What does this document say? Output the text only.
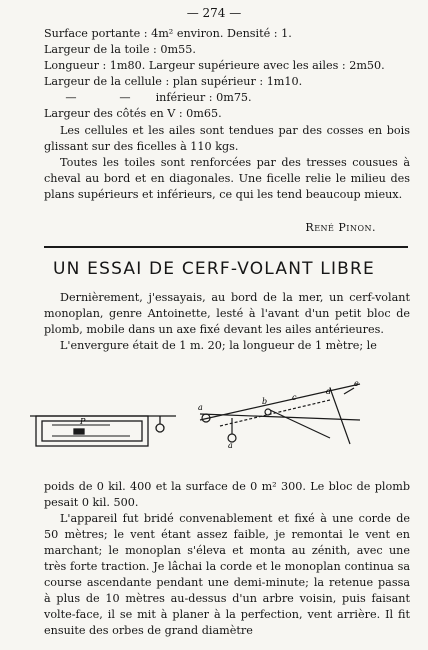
— 274 —

Surface portante : 4m² environ. Densité : 1.

Largeur de la toile : 0m55.

Longueur : 1m80. Largeur supérieure avec les ailes : 2m50.

Largeur de la cellule : plan supérieur : 1m10.

—	— inférieur : 0m75.

Largeur des côtés en V : 0m65.

Les cellules et les ailes sont tendues par des cosses en bois glissant sur des ficelles à 110 kgs.

Toutes les toiles sont renforcées par des tresses cousues à cheval au bord et en diagonales. Une ficelle relie le milieu des plans supérieurs et inférieurs, ce qui les tend beaucoup mieux.

René Pinon.
UN ESSAI DE CERF-VOLANT LIBRE

Dernièrement, j'essayais, au bord de la mer, un cerf-volant monoplan, genre Antoinette, lesté à l'avant d'un petit bloc de plomb, mobile dans un axe fixé devant les ailes antérieures.

L'envergure était de 1 m. 20; la longueur de 1 mètre; le

P
a
b	c
d
e
a

poids de 0 kil. 400 et la surface de 0 m² 300. Le bloc de plomb pesait 0 kil. 500.

L'appareil fut bridé convenablement et fixé à une corde de 50 mètres; le vent étant assez faible, je remontai le vent en marchant; le monoplan s'éleva et monta au zénith, avec une très forte traction. Je lâchai la corde et le monoplan continua sa course ascendante pendant une demi-minute; la retenue passa à plus de 10 mètres au-dessus d'un arbre voisin, puis faisant volte-face, il se mit à planer à la perfection, vent arrière. Il fit ensuite des orbes de grand diamètre
